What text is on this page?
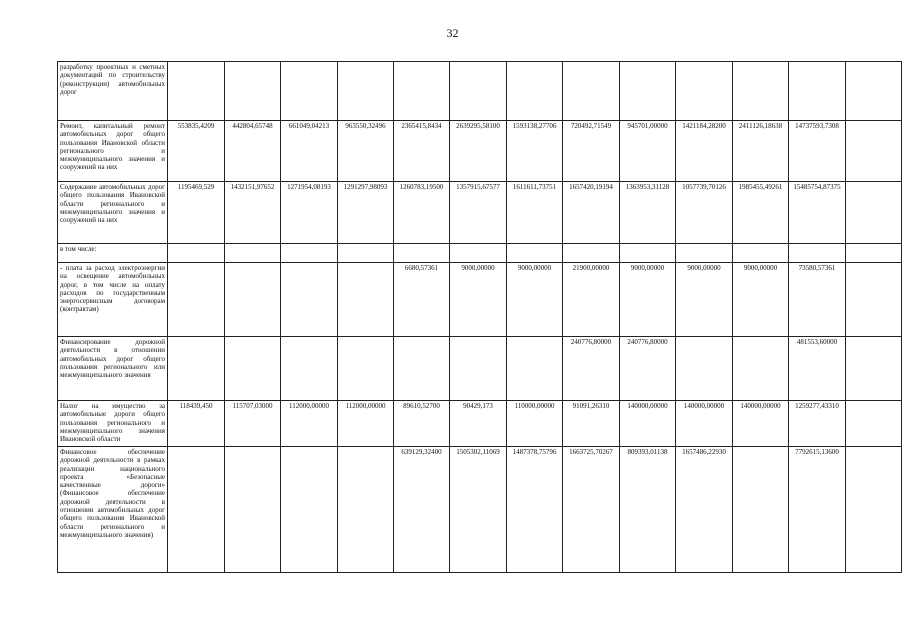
32
разработку проектных и сметных документаций по строительству (реконструкции) автомобильных дорог													
Ремонт, капитальный ремонт автомобильных дорог общего пользования Ивановской области регионального и межмуниципального значения и сооружений на них	553835,4209	442804,65748	661049,04213	963550,32496	2365415,8434	2639295,58100	1593138,27706	720492,71549	945701,00000	1421184,28200	2411126,18638	14737593,7308	
Содержание автомобильных дорог общего пользования Ивановской области регионального и межмуниципального значения и сооружений на них	1195469,529	1432151,97652	1271954,08193	1291297,98093	1260783,19500	1357915,67577	1611611,73751	1657420,19194	1363953,31128	1057739,70126	1985455,49261	15485754,87375	
в том числе:													
- плата за расход электроэнергии на освещение автомобильных дорог, в том числе на оплату расходов по государственным энергосервисным договорам (контрактам)					6680,57361	9000,00000	9000,00000	21900,00000	9000,00000	9000,00000	9000,00000	73580,57361	
Финансирование дорожной деятельности в отношении автомобильных дорог общего пользования регионального или межмуниципального значения								240776,80000	240776,80000			481553,60000	
Налог на имущество за автомобильные дороги общего пользования регионального и межмуниципального значения Ивановской области	118439,450	115707,03000	112000,00000	112000,00000	89610,52700	90429,173	110000,00000	91091,26310	140000,00000	140000,00000	140000,00000	1259277,43310	
Финансовое обеспечение дорожной деятельности в рамках реализации национального проекта «Безопасные качественные дороги» (Финансовое обеспечение дорожной деятельности в отношении автомобильных дорог общего пользования Ивановской области регионального и межмуниципального значения)					639129,32400	1505302,11069	1487378,75796	1663725,70267	809393,01138	1657486,22930		7792615,13600	
